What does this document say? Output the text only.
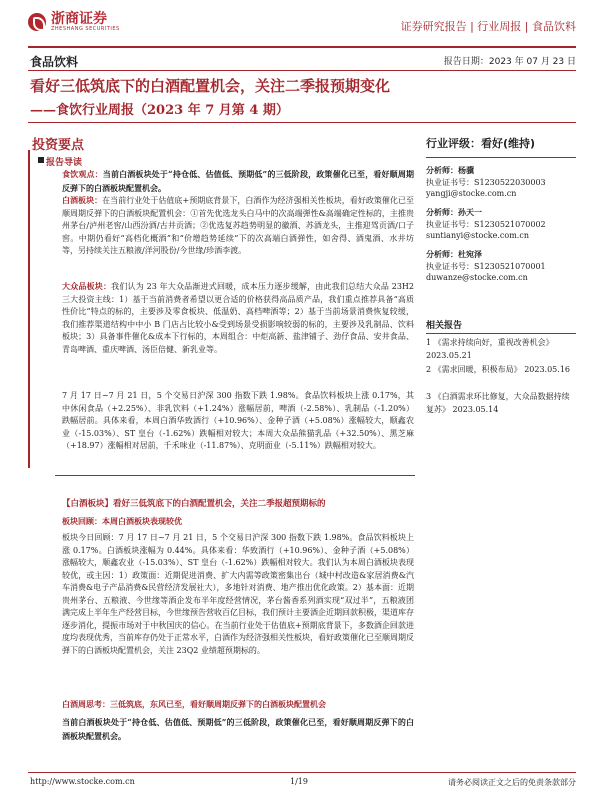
浙商证券
ZHESHANG SECURITIES	证券研究报告 | 行业周报 | 食品饮料
食品饮料	报告日期：2023 年 07 月 23 日
看好三低筑底下的白酒配置机会，关注二季报预期变化
——食饮行业周报（2023 年 7 月第 4 期）
投资要点
报告导读
食饮观点：当前白酒板块处于“持仓低、估值低、预期低”的三低阶段，政策催化已至，看好顺周期反弹下的白酒板块配置机会。
白酒板块：在当前行业处于估值底+预期底背景下，白酒作为经济强相关性板块，看好政策催化已至顺周期反弹下的白酒板块配置机会：①首先优选龙头白马中的次高端弹性&高端确定性标的，主推贵州茅台/泸州老窖/山西汾酒/古井贡酒；②优选复苏趋势明显的徽酒、苏酒龙头，主推迎驾贡酒/口子窖。中期仍看好“高档化概酒”和“价增趋势延续”下的次高端白酒弹性，如舍得、酒鬼酒、水井坊等，另持续关注五粮液/洋河股份/今世缘/珍酒李渡。
大众品板块：我们认为 23 年大众品渐进式回暖，成本压力逐步缓解，由此我们总结大众品 23H2 三大投资主线：1）基于当前消费者希望以更合适的价格获得高品质产品，我们重点推荐具备“高质性价比”特点的标的，主要涉及零食板块、低温奶、高档啤酒等；2）基于当前场景消费恢复较缓，我们推荐渠道结构中中小 B 门店占比较小&受到场景受损影响较弱的标的，主要涉及乳制品、饮料板块；3）具备事件催化&成本下行标的，本周组合：中炬高新、盐津铺子、劲仔食品、安井食品、青岛啤酒、重庆啤酒、汤臣倍健、新乳业等。
7 月 17 日~7 月 21 日，5 个交易日沪深 300 指数下跌 1.98%。食品饮料板块上涨 0.17%，其中休闲食品（+2.25%）、非乳饮料（+1.24%）涨幅居前，啤酒（-2.58%）、乳制品（-1.20%）跌幅居前。具体来看，本周白酒华致酒行（+10.96%）、金种子酒（+5.08%）涨幅较大，顺鑫农业（-15.03%）、ST 皇台（-1.62%）跌幅相对较大；本周大众品熊猫乳品（+32.50%）、黑芝麻（+18.97）涨幅相对居前，千禾味业（-11.87%）、克明面业（-5.11%）跌幅相对较大。
行业评级：看好(维持)
分析师：杨骥
执业证书号：S1230522030003
yangji@stocke.com.cn
分析师：孙天一
执业证书号：S1230521070002
suntianyi@stocke.com.cn
分析师：杜宛泽
执业证书号：S1230521070001
duwanze@stocke.com.cn
相关报告
1 《需求持续向好，重视改善机会》 2023.05.21
2 《需求回暖，积极布局》 2023.05.16
3 《白酒需求环比修复，大众品数据持续复苏》 2023.05.14
【白酒板块】看好三低筑底下的白酒配置机会，关注二季报超预期标的
板块回顾：本周白酒板块表现较优
板块今日回顾：7 月 17 日~7 月 21 日，5 个交易日沪深 300 指数下跌 1.98%。食品饮料板块上涨 0.17%。白酒板块涨幅为 0.44%。具体来看：华致酒行（+10.96%）、金种子酒（+5.08%）涨幅较大，顺鑫农业（-15.03%）、ST 皇台（-1.62%）跌幅相对较大。我们认为本周白酒板块表现较优，或主因：1）政策面：近期促进消费、扩大内需等政策密集出台（城中村改造&家居消费&汽车消费&电子产品消费&民营经济发展社大），多地针对消费、地产推出优化政策。2）基本面：近期贵州茅台、五粮液、今世缘等酒企发布半年度经营情况，茅台酱香系列酒实现“双过半”，五粮液团满完成上半年生产经营目标，今世缘预告营收百亿目标，我们预计主要酒企近期回款积极，渠道库存逐步消化，提振市场对于中秋国庆的信心。在当前行业处于估值底+预期底背景下，多数酒企回款进度均表现优秀，当前库存仍处于正常水平，白酒作为经济强相关性板块，看好政策催化已至顺周期反弹下的白酒板块配置机会，关注 23Q2 业绩超预期标的。
白酒周思考：三低筑底，东风已至，看好顺周期反弹下的白酒板块配置机会
当前白酒板块处于“持仓低、估值低、预期低”的三低阶段，政策催化已至，看好顺周期反弹下的白酒板块配置机会。
http://www.stocke.com.cn	1/19	请务必阅读正文之后的免责条款部分
